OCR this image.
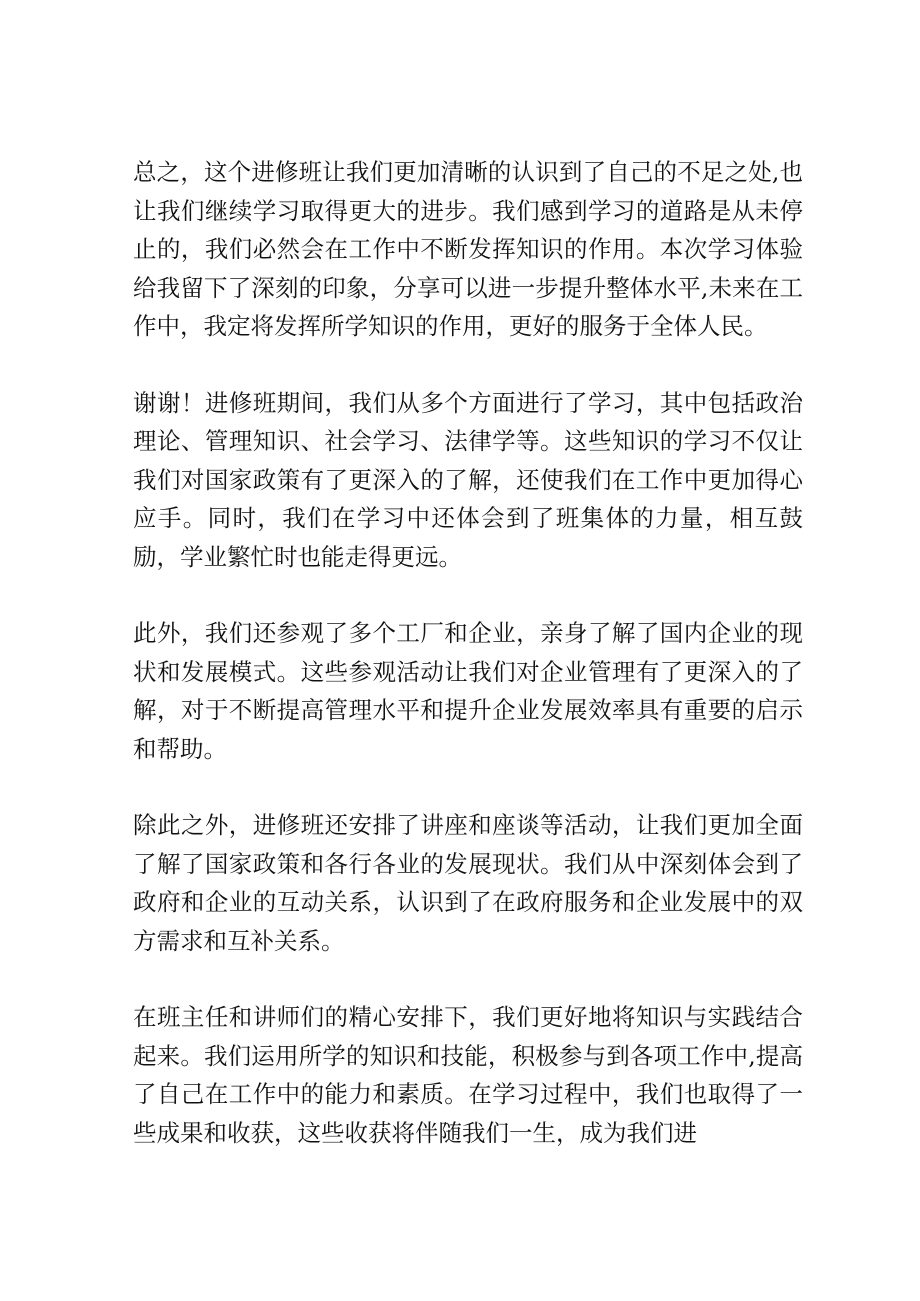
总之，这个进修班让我们更加清晰的认识到了自己的不足之处,也
让我们继续学习取得更大的进步。我们感到学习的道路是从未停
止的，我们必然会在工作中不断发挥知识的作用。本次学习体验
给我留下了深刻的印象，分享可以进一步提升整体水平,未来在工
作中，我定将发挥所学知识的作用，更好的服务于全体人民。

谢谢！进修班期间，我们从多个方面进行了学习，其中包括政治
理论、管理知识、社会学习、法律学等。这些知识的学习不仅让
我们对国家政策有了更深入的了解，还使我们在工作中更加得心
应手。同时，我们在学习中还体会到了班集体的力量，相互鼓
励，学业繁忙时也能走得更远。

此外，我们还参观了多个工厂和企业，亲身了解了国内企业的现
状和发展模式。这些参观活动让我们对企业管理有了更深入的了
解，对于不断提高管理水平和提升企业发展效率具有重要的启示
和帮助。

除此之外，进修班还安排了讲座和座谈等活动，让我们更加全面
了解了国家政策和各行各业的发展现状。我们从中深刻体会到了
政府和企业的互动关系，认识到了在政府服务和企业发展中的双
方需求和互补关系。

在班主任和讲师们的精心安排下，我们更好地将知识与实践结合
起来。我们运用所学的知识和技能，积极参与到各项工作中,提高
了自己在工作中的能力和素质。在学习过程中，我们也取得了一
些成果和收获，这些收获将伴随我们一生，成为我们进
